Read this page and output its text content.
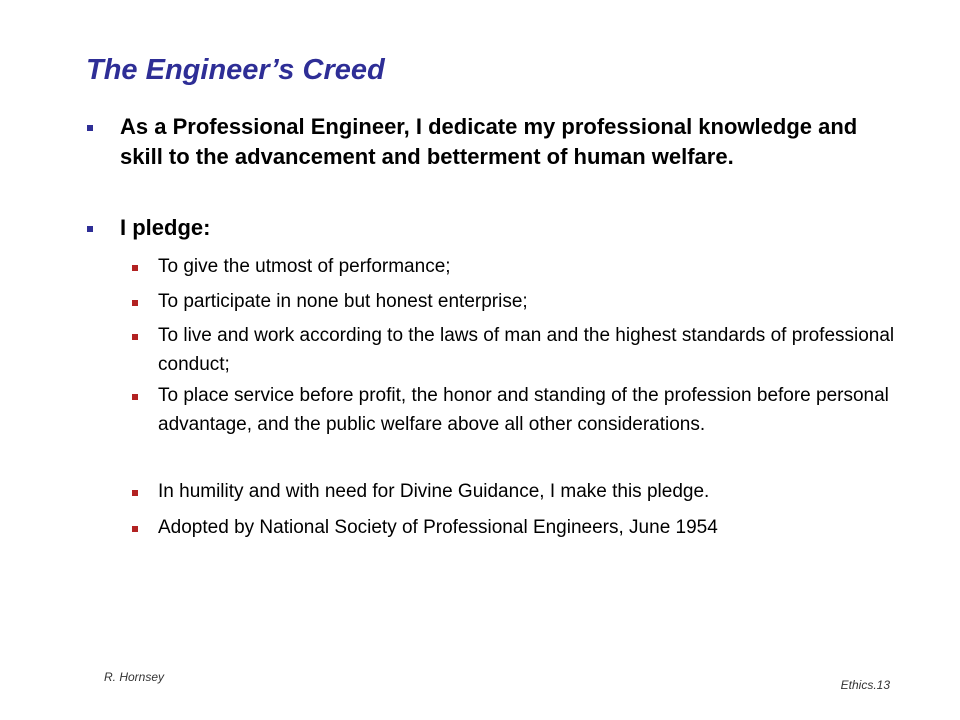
The Engineer’s Creed
As a Professional Engineer, I dedicate my professional knowledge and skill to the advancement and betterment of human welfare.
I pledge:
To give the utmost of performance;
To participate in none but honest enterprise;
To live and work according to the laws of man and the highest standards of professional conduct;
To place service before profit, the honor and standing of the profession before personal advantage, and the public welfare above all other considerations.
In humility and with need for Divine Guidance, I make this pledge.
Adopted by National Society of Professional Engineers, June 1954
R. Hornsey
Ethics.13
